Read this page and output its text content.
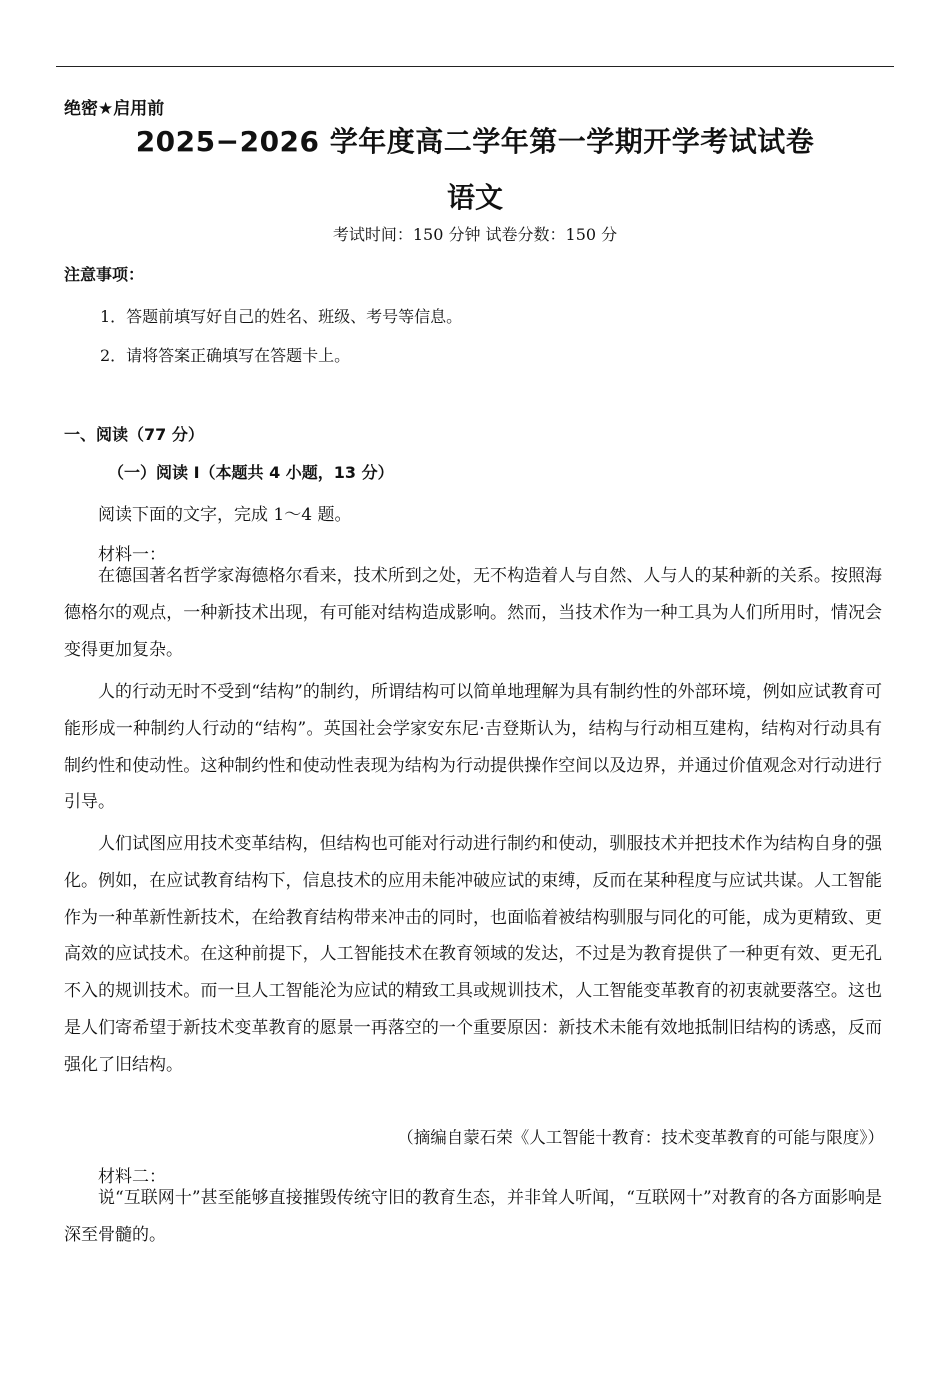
绝密★启用前
2025−2026 学年度高二学年第一学期开学考试试卷
语文
考试时间：150 分钟 试卷分数：150 分
注意事项：
1．答题前填写好自己的姓名、班级、考号等信息。
2．请将答案正确填写在答题卡上。
一、阅读（77 分）
（一）阅读 I（本题共 4 小题，13 分）
阅读下面的文字，完成 1～4 题。
材料一：
在德国著名哲学家海德格尔看来，技术所到之处，无不构造着人与自然、人与人的某种新的关系。按照海德格尔的观点，一种新技术出现，有可能对结构造成影响。然而，当技术作为一种工具为人们所用时，情况会变得更加复杂。
人的行动无时不受到“结构”的制约，所谓结构可以简单地理解为具有制约性的外部环境，例如应试教育可能形成一种制约人行动的“结构”。英国社会学家安东尼·吉登斯认为，结构与行动相互建构，结构对行动具有制约性和使动性。这种制约性和使动性表现为结构为行动提供操作空间以及边界，并通过价值观念对行动进行引导。
人们试图应用技术变革结构，但结构也可能对行动进行制约和使动，驯服技术并把技术作为结构自身的强化。例如，在应试教育结构下，信息技术的应用未能冲破应试的束缚，反而在某种程度与应试共谋。人工智能作为一种革新性新技术，在给教育结构带来冲击的同时，也面临着被结构驯服与同化的可能，成为更精致、更高效的应试技术。在这种前提下，人工智能技术在教育领域的发达，不过是为教育提供了一种更有效、更无孔不入的规训技术。而一旦人工智能沦为应试的精致工具或规训技术，人工智能变革教育的初衷就要落空。这也是人们寄希望于新技术变革教育的愿景一再落空的一个重要原因：新技术未能有效地抵制旧结构的诱惑，反而强化了旧结构。
（摘编自蒙石荣《人工智能十教育：技术变革教育的可能与限度》）
材料二：
说“互联网十”甚至能够直接摧毁传统守旧的教育生态，并非耸人听闻，“互联网十”对教育的各方面影响是深至骨髓的。
